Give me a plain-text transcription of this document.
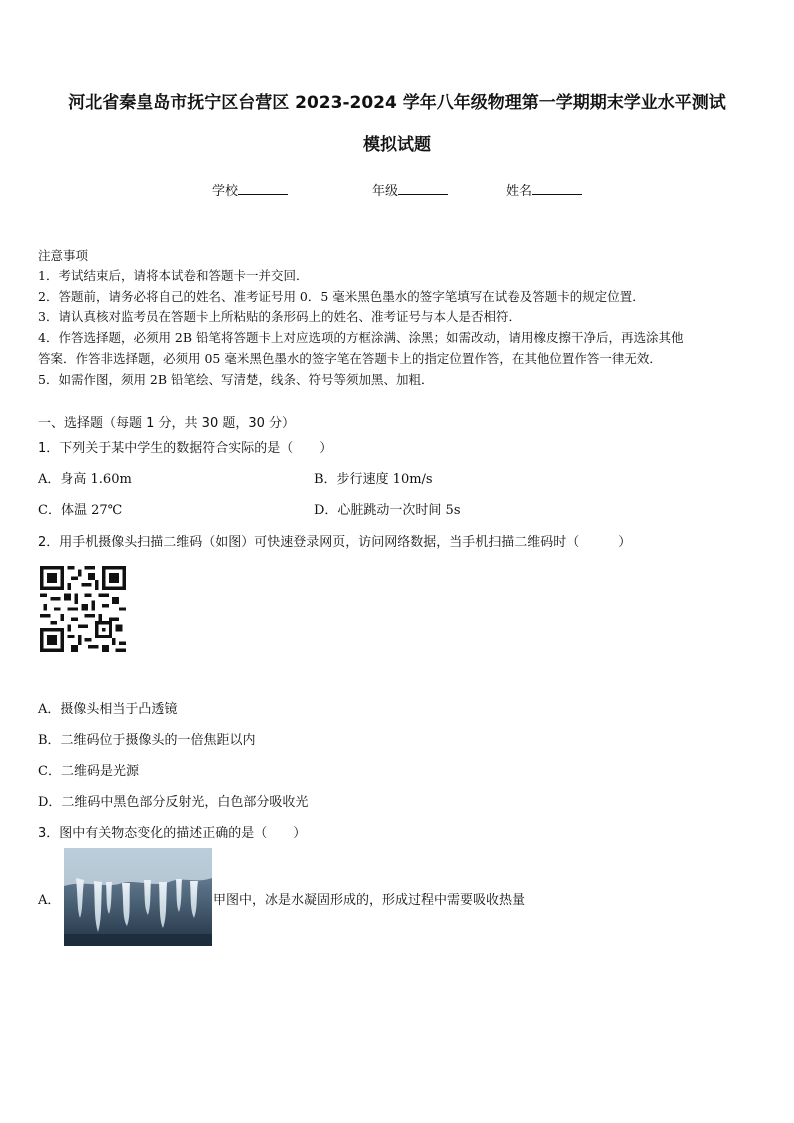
河北省秦皇岛市抚宁区台营区 2023-2024 学年八年级物理第一学期期末学业水平测试
模拟试题
学校	年级	姓名
注意事项
1．考试结束后，请将本试卷和答题卡一并交回．
2．答题前，请务必将自己的姓名、准考证号用 0．5 毫米黑色墨水的签字笔填写在试卷及答题卡的规定位置．
3．请认真核对监考员在答题卡上所粘贴的条形码上的姓名、准考证号与本人是否相符．
4．作答选择题，必须用 2B 铅笔将答题卡上对应选项的方框涂满、涂黑；如需改动，请用橡皮擦干净后，再选涂其他
答案．作答非选择题，必须用 05 毫米黑色墨水的签字笔在答题卡上的指定位置作答，在其他位置作答一律无效．
5．如需作图，须用 2B 铅笔绘、写清楚，线条、符号等须加黑、加粗．
一、选择题（每题 1 分，共 30 题，30 分）
1．下列关于某中学生的数据符合实际的是（　　）
A．身高 1.60m	B．步行速度 10m/s
C．体温 27℃	D．心脏跳动一次时间 5s
2．用手机摄像头扫描二维码（如图）可快速登录网页，访问网络数据，当手机扫描二维码时（　　　）
A．摄像头相当于凸透镜
B．二维码位于摄像头的一倍焦距以内
C．二维码是光源
D．二维码中黑色部分反射光，白色部分吸收光
3．图中有关物态变化的描述正确的是（　　）
A．	甲图中，冰是水凝固形成的，形成过程中需要吸收热量
